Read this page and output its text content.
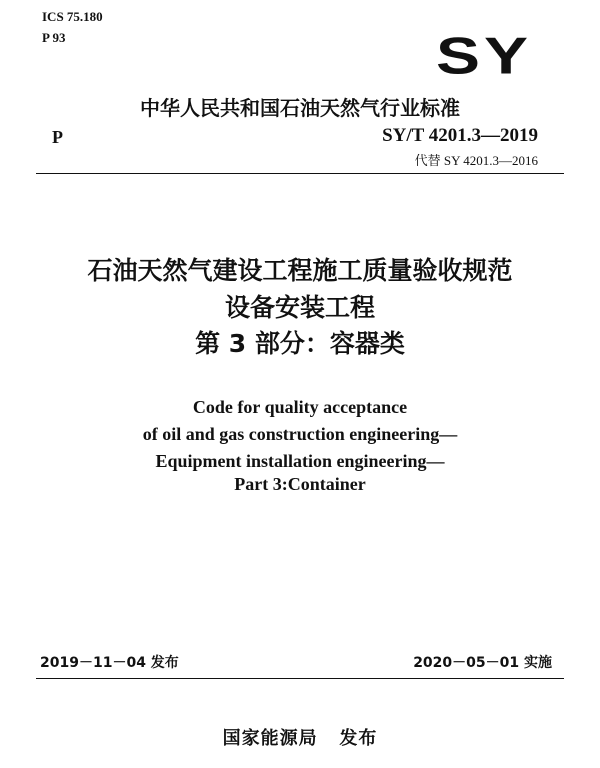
ICS 75.180
P 93	SY
中华人民共和国石油天然气行业标准
P	SY/T 4201.3—2019
代替 SY 4201.3—2016
石油天然气建设工程施工质量验收规范
设备安装工程
第 3 部分：容器类
Code for quality acceptance
of oil and gas construction engineering—
Equipment installation engineering—
Part 3:Container
2019－11－04 发布	2020－05－01 实施
国家能源局   发布
